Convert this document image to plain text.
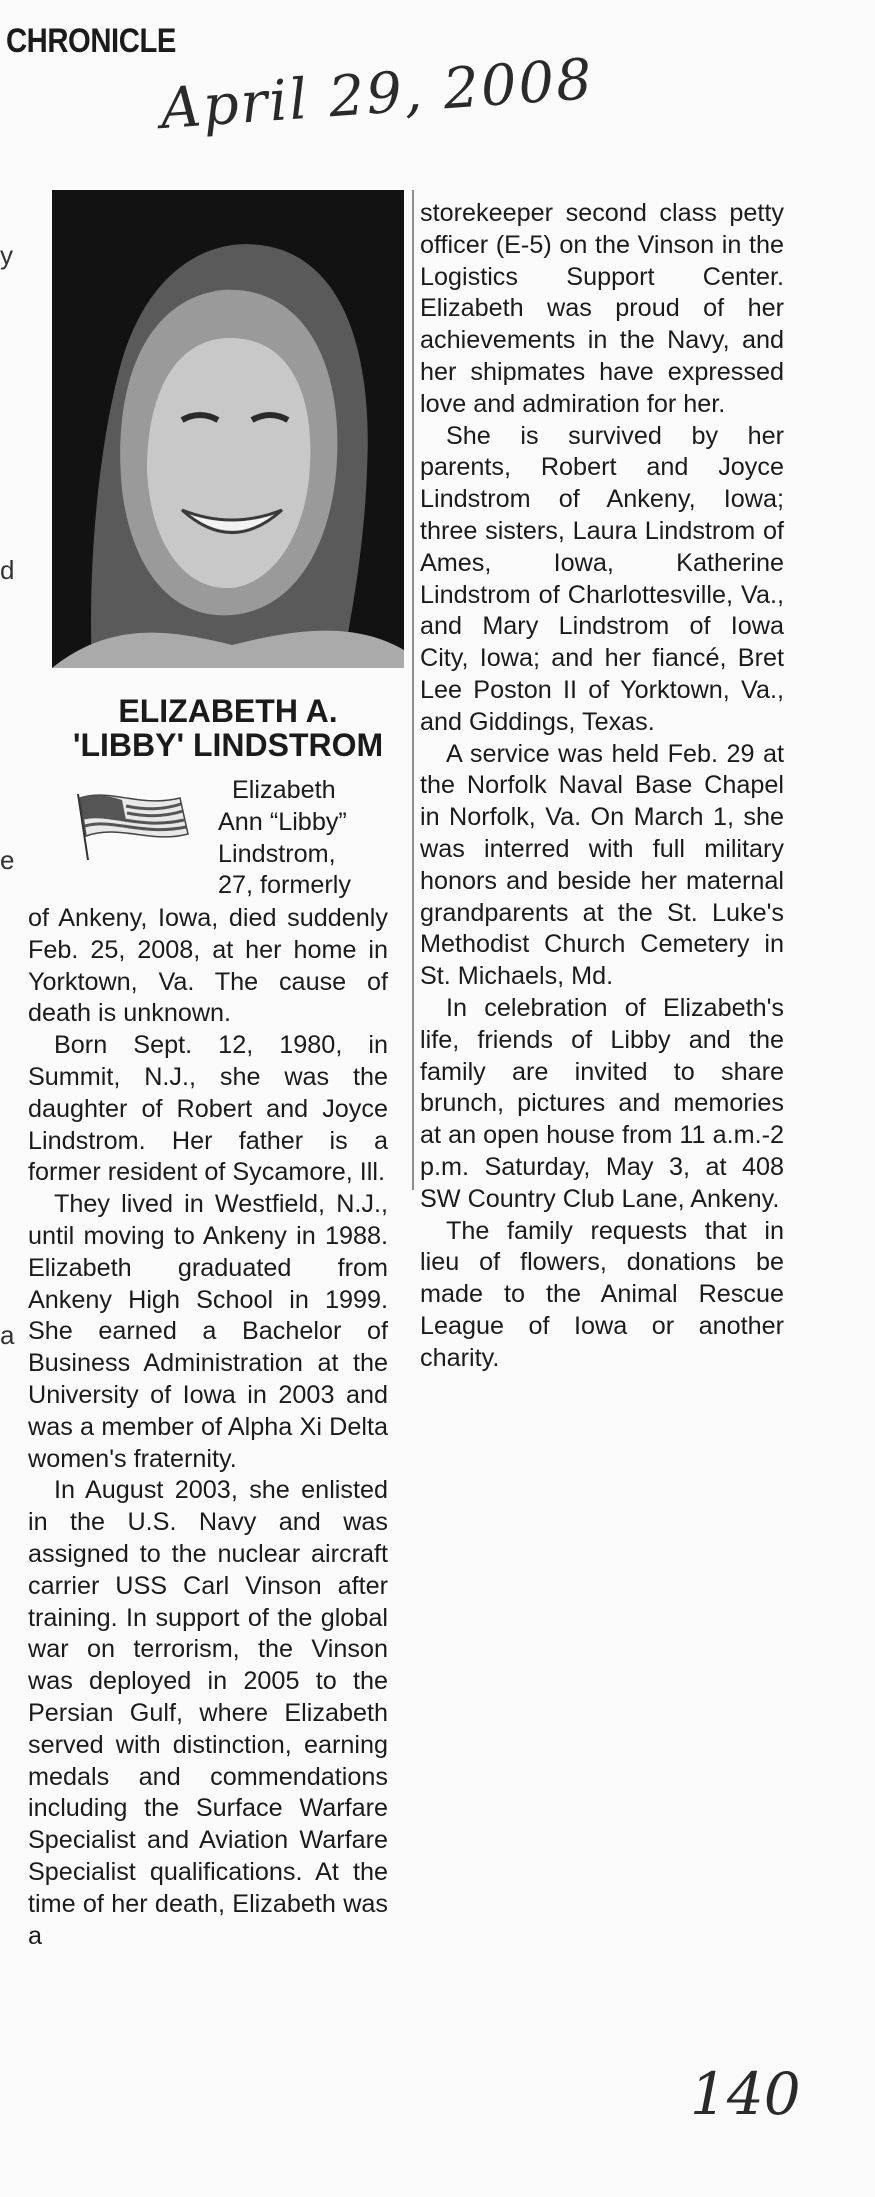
CHRONICLE
April 29, 2008
y
d
e
a
ELIZABETH A.
'LIBBY' LINDSTROM
Elizabeth
Ann “Libby”
Lindstrom,
27, formerly

of Ankeny, Iowa, died suddenly Feb. 25, 2008, at her home in Yorktown, Va. The cause of death is unknown.

Born Sept. 12, 1980, in Summit, N.J., she was the daughter of Robert and Joyce Lindstrom. Her father is a former resident of Sycamore, Ill.

They lived in Westfield, N.J., until moving to Ankeny in 1988. Elizabeth graduated from Ankeny High School in 1999. She earned a Bachelor of Business Administration at the University of Iowa in 2003 and was a member of Alpha Xi Delta women's fraternity.

In August 2003, she enlisted in the U.S. Navy and was assigned to the nuclear aircraft carrier USS Carl Vinson after training. In support of the global war on terrorism, the Vinson was deployed in 2005 to the Persian Gulf, where Elizabeth served with distinction, earning medals and commendations including the Surface Warfare Specialist and Aviation Warfare Specialist qualifications. At the time of her death, Elizabeth was a

storekeeper second class petty officer (E-5) on the Vinson in the Logistics Support Center. Elizabeth was proud of her achievements in the Navy, and her shipmates have expressed love and admiration for her.

She is survived by her parents, Robert and Joyce Lindstrom of Ankeny, Iowa; three sisters, Laura Lindstrom of Ames, Iowa, Katherine Lindstrom of Charlottesville, Va., and Mary Lindstrom of Iowa City, Iowa; and her fiancé, Bret Lee Poston II of Yorktown, Va., and Giddings, Texas.

A service was held Feb. 29 at the Norfolk Naval Base Chapel in Norfolk, Va. On March 1, she was interred with full military honors and beside her maternal grandparents at the St. Luke's Methodist Church Cemetery in St. Michaels, Md.

In celebration of Elizabeth's life, friends of Libby and the family are invited to share brunch, pictures and memories at an open house from 11 a.m.-2 p.m. Saturday, May 3, at 408 SW Country Club Lane, Ankeny.

The family requests that in lieu of flowers, donations be made to the Animal Rescue League of Iowa or another charity.

140
